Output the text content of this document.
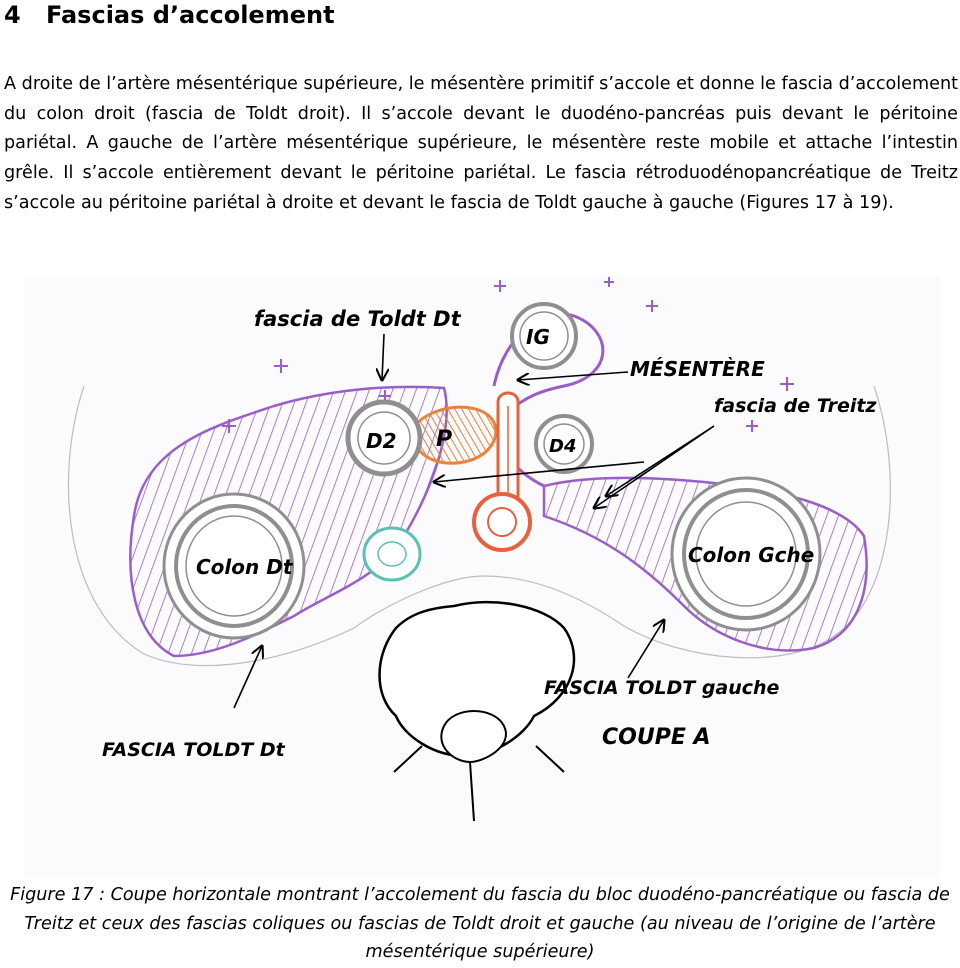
4 Fascias d’accolement

A droite de l’artère mésentérique supérieure, le mésentère primitif s’accole et donne le fascia d’accolement du colon droit (fascia de Toldt droit). Il s’accole devant le duodéno-pancréas puis devant le péritoine pariétal. A gauche de l’artère mésentérique supérieure, le mésentère reste mobile et attache l’intestin grêle. Il s’accole entièrement devant le péritoine pariétal. Le fascia rétroduodénopancréatique de Treitz s’accole au péritoine pariétal à droite et devant le fascia de Toldt gauche à gauche (Figures 17 à 19).

IG
P
D2	D4
Colon Dt	Colon Gche
fascia de Toldt Dt
MÉSENTÈRE
fascia de Treitz
FASCIA TOLDT gauche
COUPE A
FASCIA TOLDT Dt

Figure 17 : Coupe horizontale montrant l’accolement du fascia du bloc duodéno-pancréatique ou fascia de Treitz et ceux des fascias coliques ou fascias de Toldt droit et gauche (au niveau de l’origine de l’artère mésentérique supérieure)
